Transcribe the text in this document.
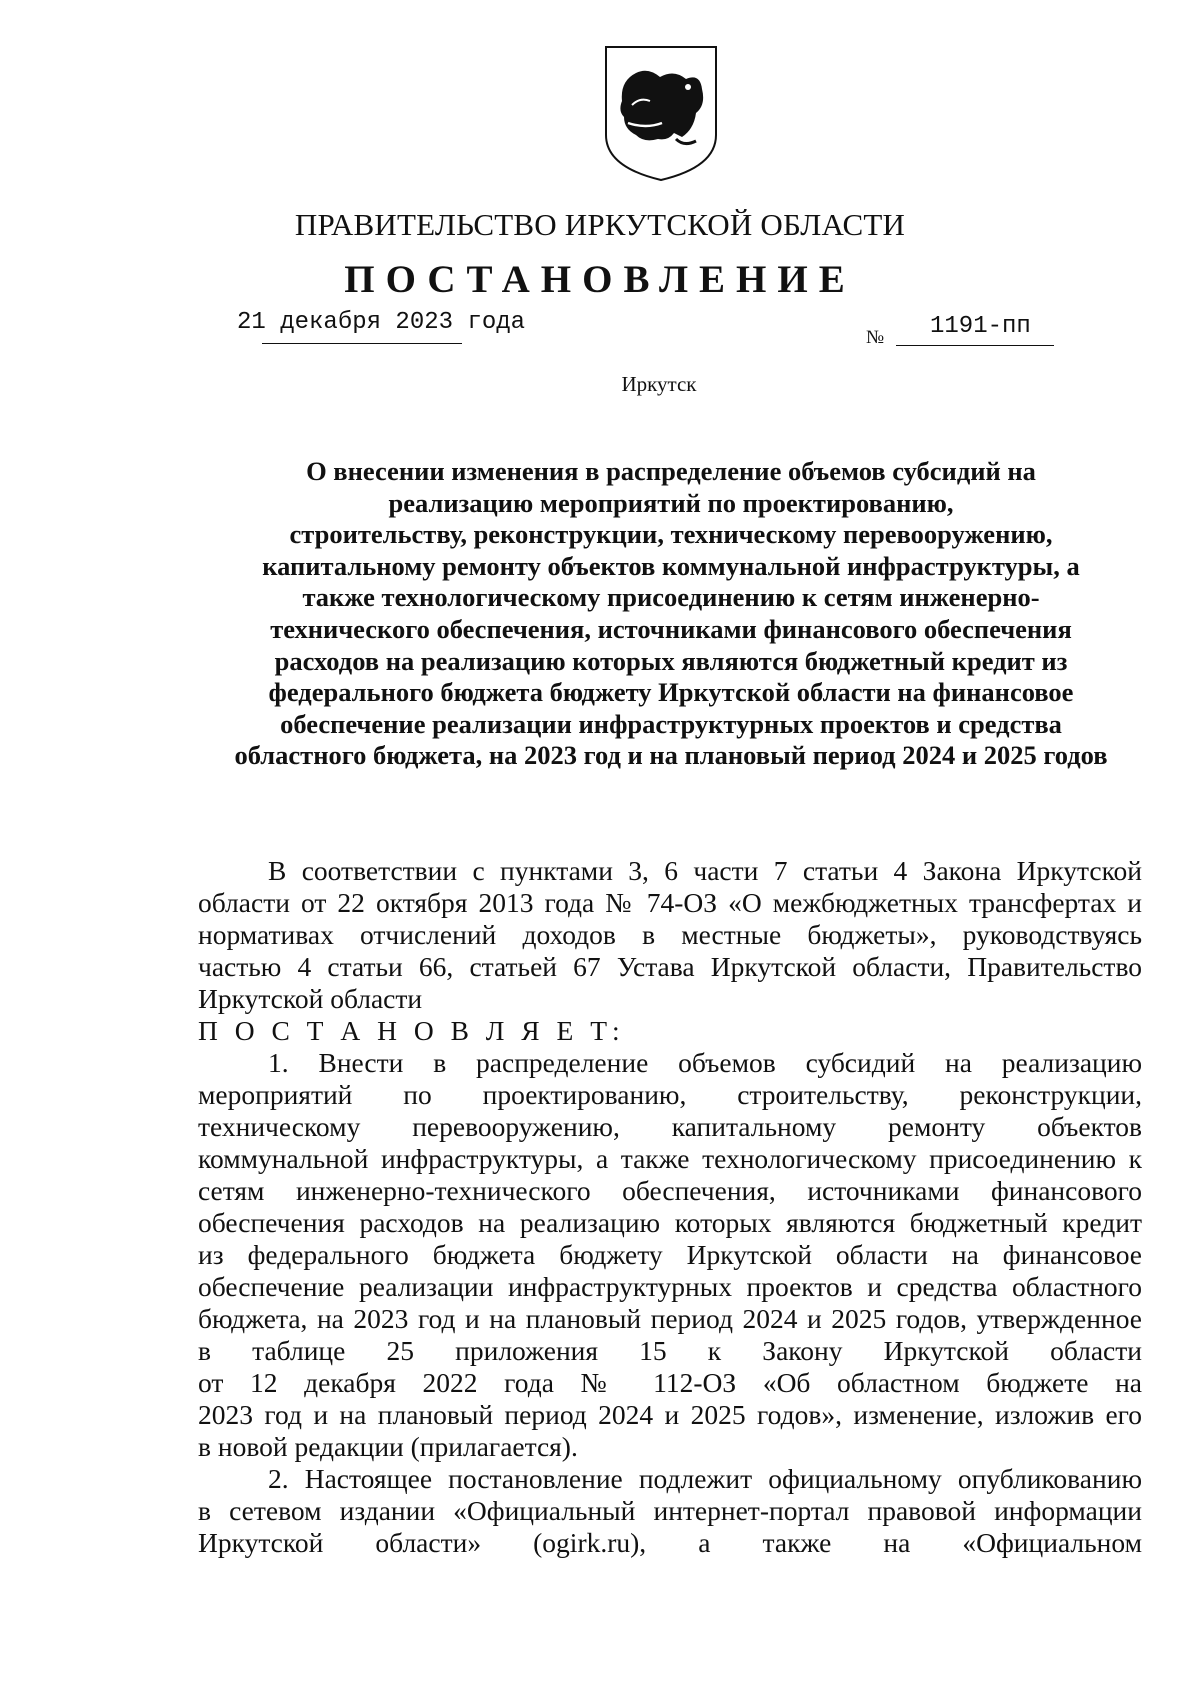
ПРАВИТЕЛЬСТВО ИРКУТСКОЙ ОБЛАСТИ
ПОСТАНОВЛЕНИЕ
21 декабря 2023 года
№ 1191-пп
Иркутск
О внесении изменения в распределение объемов субсидий на
реализацию мероприятий по проектированию,
строительству, реконструкции, техническому перевооружению,
капитальному ремонту объектов коммунальной инфраструктуры, а
также технологическому присоединению к сетям инженерно-
технического обеспечения, источниками финансового обеспечения
расходов на реализацию которых являются бюджетный кредит из
федерального бюджета бюджету Иркутской области на финансовое
обеспечение реализации инфраструктурных проектов и средства
областного бюджета, на 2023 год и на плановый период 2024 и 2025 годов
В соответствии с пунктами 3, 6 части 7 статьи 4 Закона Иркутской
области от 22 октября 2013 года № 74-ОЗ «О межбюджетных трансфертах и
нормативах отчислений доходов в местные бюджеты», руководствуясь
частью 4 статьи 66, статьей 67 Устава Иркутской области, Правительство
Иркутской области
П О С Т А Н О В Л Я Е Т:
1. Внести в распределение объемов субсидий на реализацию
мероприятий по проектированию, строительству, реконструкции,
техническому перевооружению, капитальному ремонту объектов
коммунальной инфраструктуры, а также технологическому присоединению к
сетям инженерно-технического обеспечения, источниками финансового
обеспечения расходов на реализацию которых являются бюджетный кредит
из федерального бюджета бюджету Иркутской области на финансовое
обеспечение реализации инфраструктурных проектов и средства областного
бюджета, на 2023 год и на плановый период 2024 и 2025 годов, утвержденное
в таблице 25 приложения 15 к Закону Иркутской области
от 12 декабря 2022 года № 112-ОЗ «Об областном бюджете на
2023 год и на плановый период 2024 и 2025 годов», изменение, изложив его
в новой редакции (прилагается).
2. Настоящее постановление подлежит официальному опубликованию
в сетевом издании «Официальный интернет-портал правовой информации
Иркутской области» (ogirk.ru), а также на «Официальном
